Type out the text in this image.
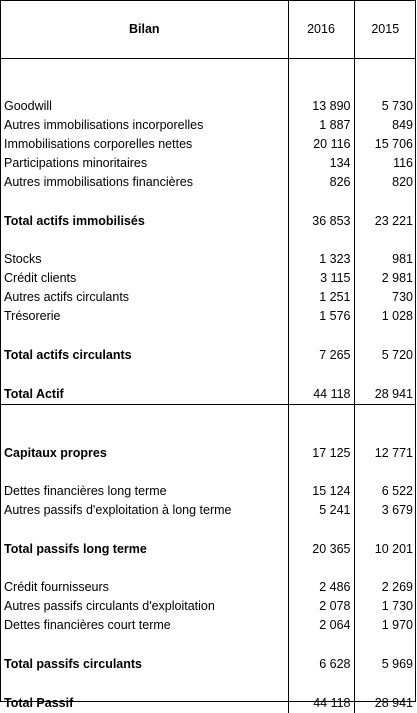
Bilan	2016	2015

Goodwill	13 890	5 730
Autres immobilisations incorporelles	1 887	849
Immobilisations corporelles nettes	20 116	15 706
Participations minoritaires	134	116
Autres immobilisations financières	826	820

Total actifs immobilisés	36 853	23 221

Stocks	1 323	981
Crédit clients	3 115	2 981
Autres actifs circulants	1 251	730
Trésorerie	1 576	1 028

Total actifs circulants	7 265	5 720

Total Actif	44 118	28 941

Capitaux propres	17 125	12 771

Dettes financières long terme	15 124	6 522
Autres passifs d'exploitation à long terme	5 241	3 679

Total passifs long terme	20 365	10 201

Crédit fournisseurs	2 486	2 269
Autres passifs circulants d'exploitation	2 078	1 730
Dettes financières court terme	2 064	1 970

Total passifs circulants	6 628	5 969

Total Passif	44 118	28 941
